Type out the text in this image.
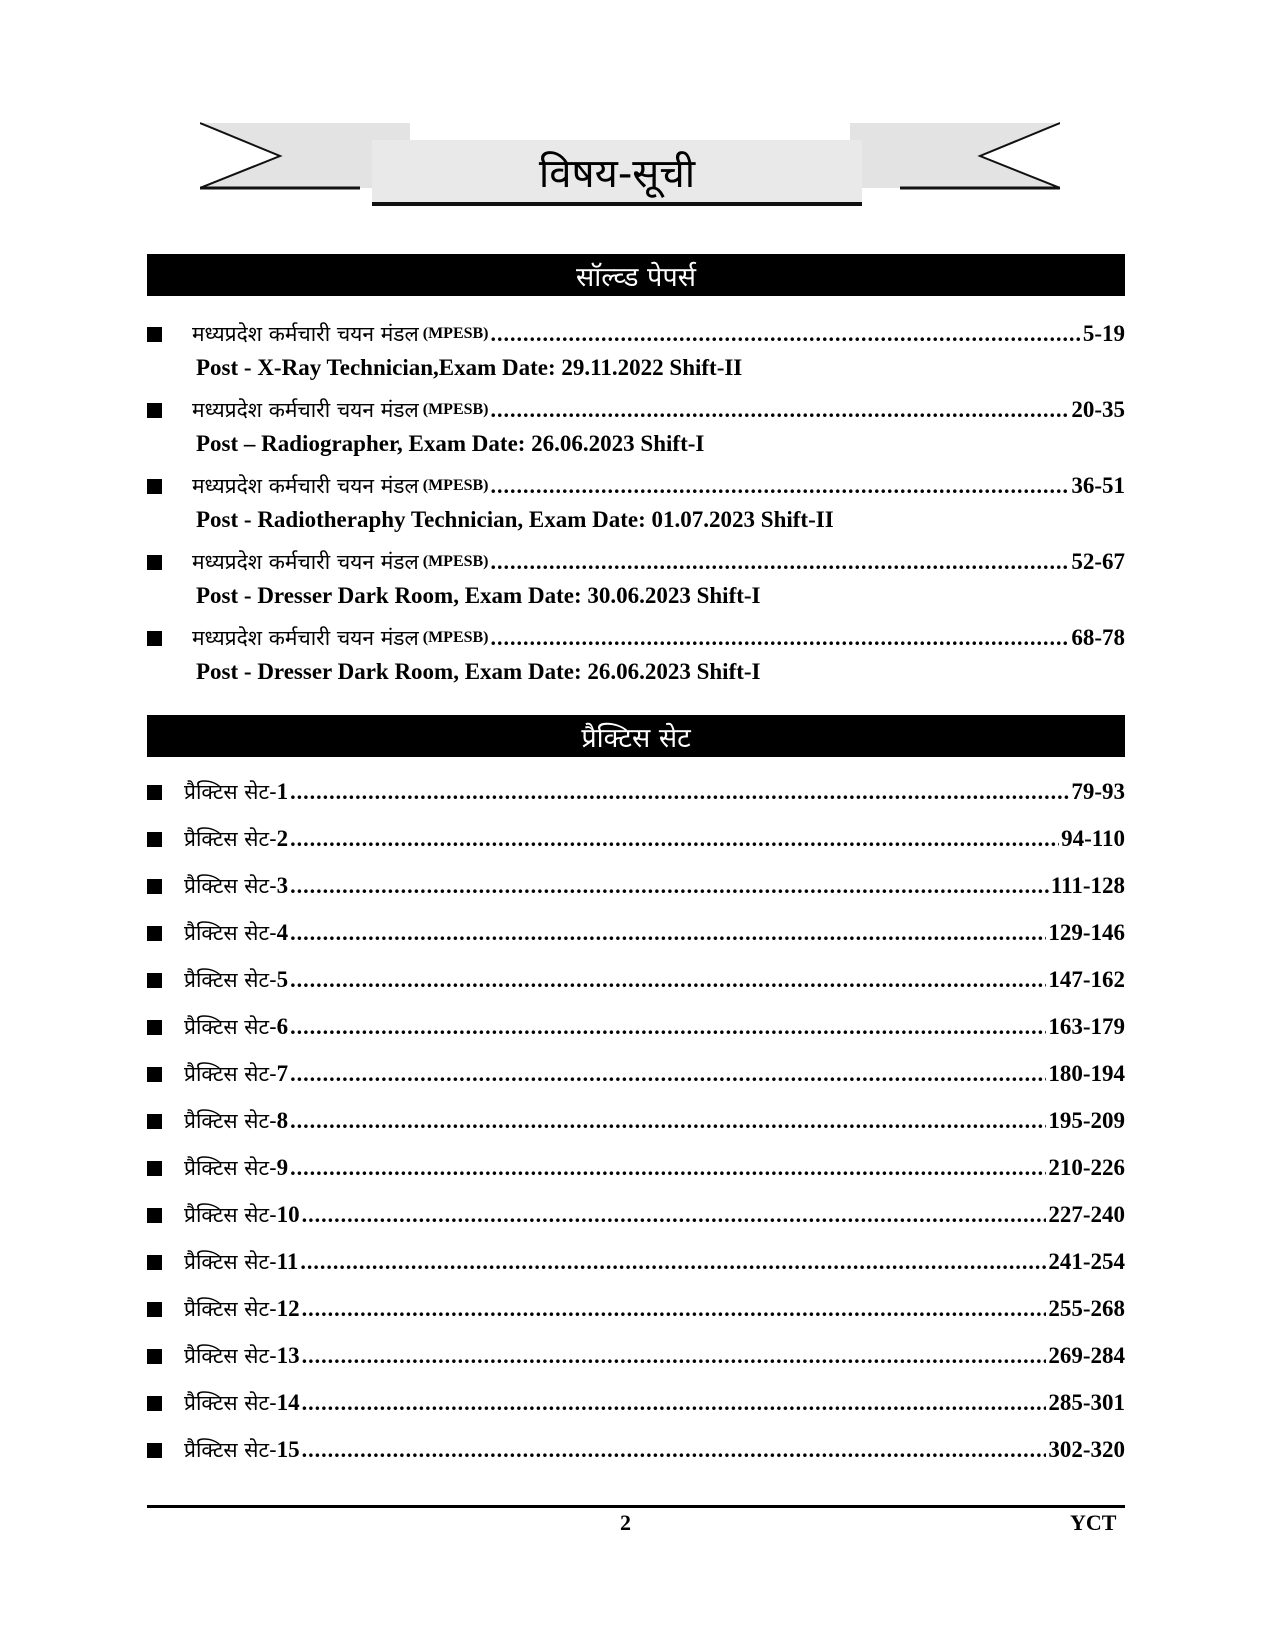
विषय-सूची
सॉल्व्ड पेपर्स
मध्यप्रदेश कर्मचारी चयन मंडल
(MPESB) .....	5-19
Post - X-Ray Technician,Exam Date: 29.11.2022 Shift-II
मध्यप्रदेश कर्मचारी चयन मंडल
(MPESB) .....	20-35
Post – Radiographer, Exam Date: 26.06.2023 Shift-I
मध्यप्रदेश कर्मचारी चयन मंडल
(MPESB) .....	36-51
Post - Radiotheraphy Technician, Exam Date: 01.07.2023 Shift-II
मध्यप्रदेश कर्मचारी चयन मंडल
(MPESB) .....	52-67
Post - Dresser Dark Room, Exam Date: 30.06.2023 Shift-I
मध्यप्रदेश कर्मचारी चयन मंडल
(MPESB) .....	68-78
Post - Dresser Dark Room, Exam Date: 26.06.2023 Shift-I
प्रैक्टिस सेट
प्रैक्टिस सेट- 1 .....	79-93
प्रैक्टिस सेट- 2 .....	94-110
प्रैक्टिस सेट- 3 .....	111-128
प्रैक्टिस सेट- 4 .....	129-146
प्रैक्टिस सेट- 5 .....	147-162
प्रैक्टिस सेट- 6 .....	163-179
प्रैक्टिस सेट- 7 .....	180-194
प्रैक्टिस सेट- 8 .....	195-209
प्रैक्टिस सेट- 9 .....	210-226
प्रैक्टिस सेट- 10 .....	227-240
प्रैक्टिस सेट- 11 .....	241-254
प्रैक्टिस सेट- 12 .....	255-268
प्रैक्टिस सेट- 13 .....	269-284
प्रैक्टिस सेट- 14 .....	285-301
प्रैक्टिस सेट- 15 .....	302-320
2	YCT
